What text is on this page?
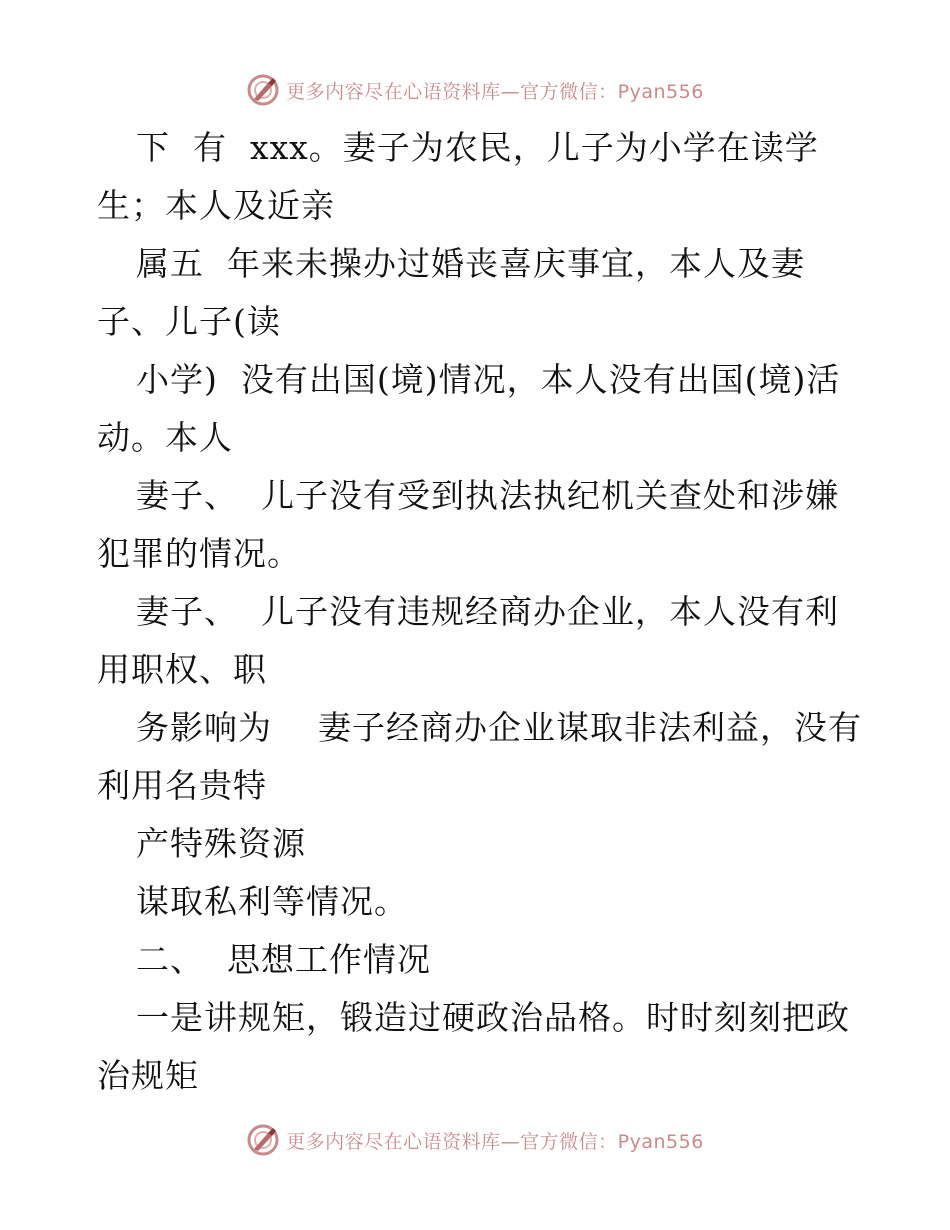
更多内容尽在心语资料库—官方微信：Pyan556
下  有  xxx。妻子为农民，儿子为小学在读学
生；本人及近亲
属五  年来未操办过婚丧喜庆事宜，本人及妻
子、儿子(读
小学)  没有出国(境)情况，本人没有出国(境)活
动。本人
妻子、  儿子没有受到执法执纪机关查处和涉嫌
犯罪的情况。
妻子、  儿子没有违规经商办企业，本人没有利
用职权、职
务影响为    妻子经商办企业谋取非法利益，没有
利用名贵特
产特殊资源
谋取私利等情况。
二、  思想工作情况
一是讲规矩，锻造过硬政治品格。时时刻刻把政
治规矩
更多内容尽在心语资料库—官方微信：Pyan556
